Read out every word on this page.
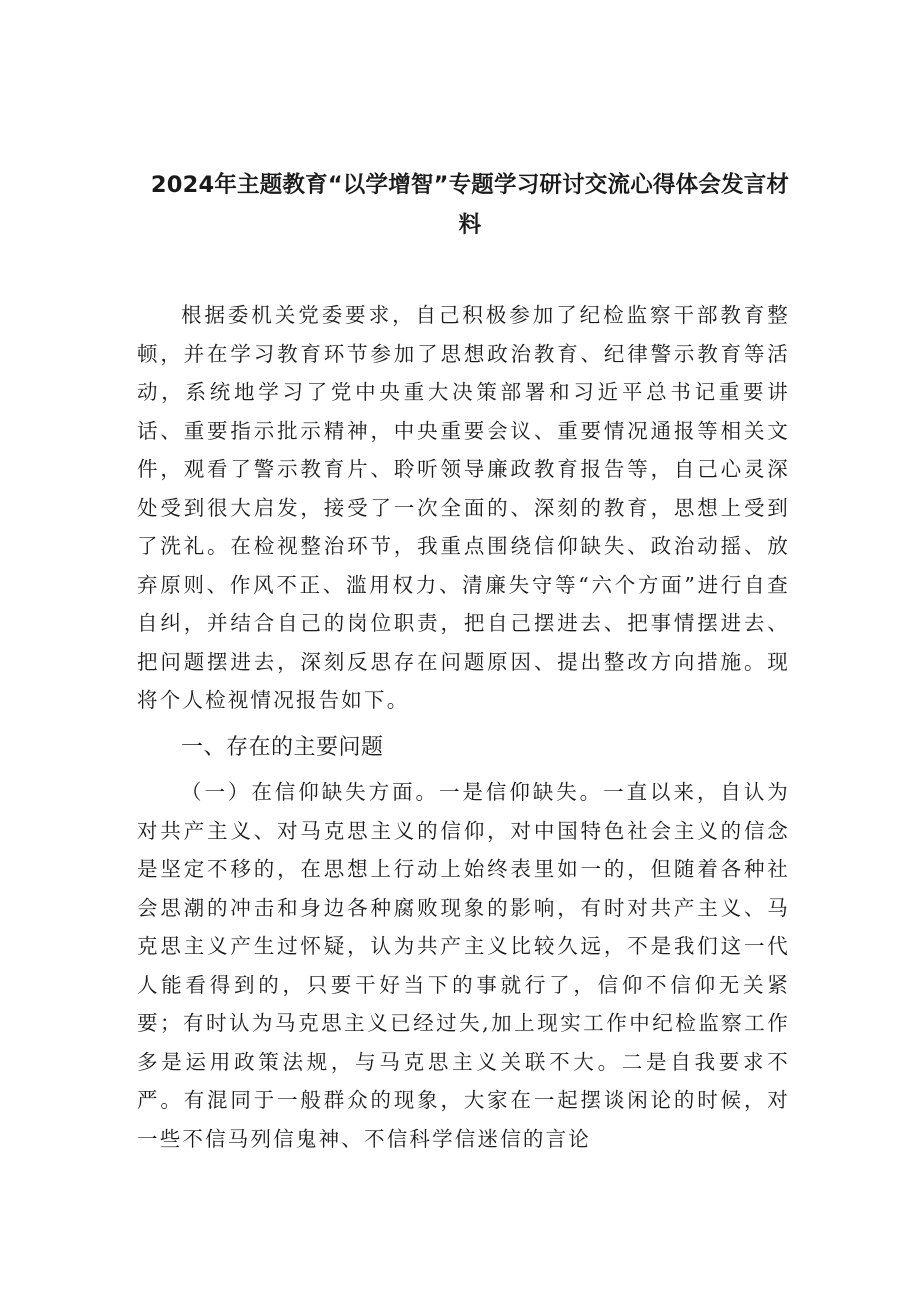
2024年主题教育“以学增智”专题学习研讨交流心得体会发言材料

根据委机关党委要求，自己积极参加了纪检监察干部教育整顿，并在学习教育环节参加了思想政治教育、纪律警示教育等活动，系统地学习了党中央重大决策部署和习近平总书记重要讲话、重要指示批示精神，中央重要会议、重要情况通报等相关文件，观看了警示教育片、聆听领导廉政教育报告等，自己心灵深处受到很大启发，接受了一次全面的、深刻的教育，思想上受到了洗礼。在检视整治环节，我重点围绕信仰缺失、政治动摇、放弃原则、作风不正、滥用权力、清廉失守等“六个方面”进行自查自纠，并结合自己的岗位职责，把自己摆进去、把事情摆进去、把问题摆进去，深刻反思存在问题原因、提出整改方向措施。现将个人检视情况报告如下。

一、存在的主要问题

（一）在信仰缺失方面。一是信仰缺失。一直以来，自认为对共产主义、对马克思主义的信仰，对中国特色社会主义的信念是坚定不移的，在思想上行动上始终表里如一的，但随着各种社会思潮的冲击和身边各种腐败现象的影响，有时对共产主义、马克思主义产生过怀疑，认为共产主义比较久远，不是我们这一代人能看得到的，只要干好当下的事就行了，信仰不信仰无关紧要；有时认为马克思主义已经过失,加上现实工作中纪检监察工作多是运用政策法规，与马克思主义关联不大。二是自我要求不严。有混同于一般群众的现象，大家在一起摆谈闲论的时候，对一些不信马列信鬼神、不信科学信迷信的言论
